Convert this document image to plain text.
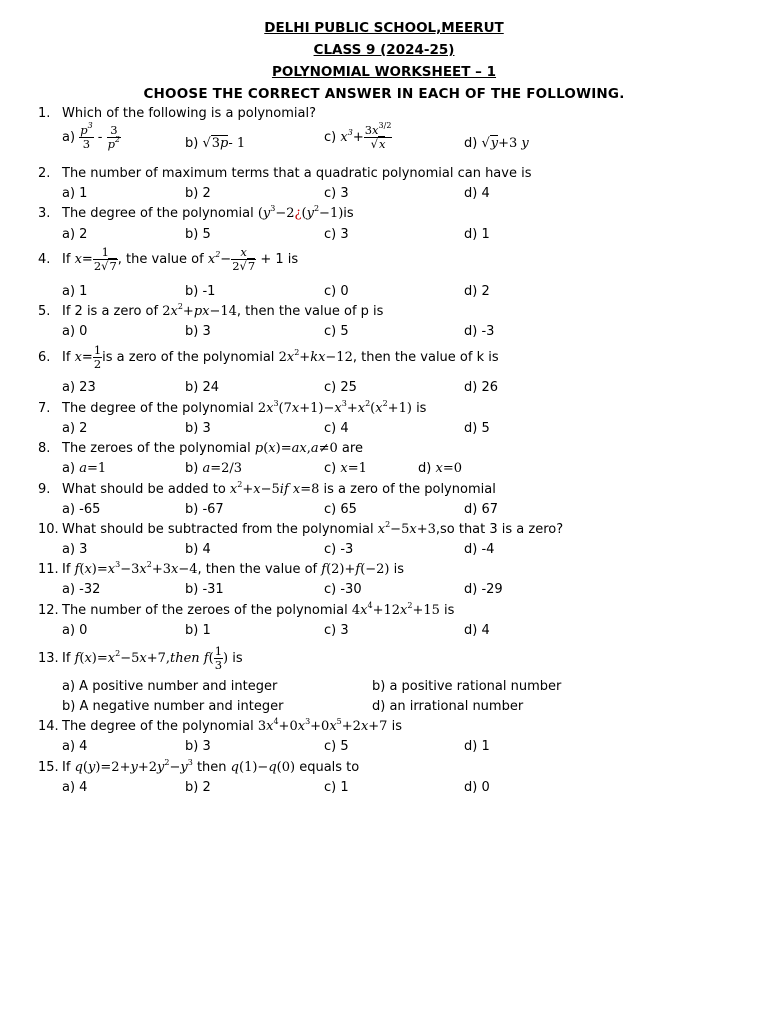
DELHI PUBLIC SCHOOL,MEERUT
CLASS 9 (2024-25)
POLYNOMIAL WORKSHEET – 1
CHOOSE THE CORRECT ANSWER IN EACH OF THE FOLLOWING.
1. Which of the following is a polynomial?
$a) \frac{p^3}{3} - \frac{3}{p^2}$	b) √3p- 1	c) $x^3+ \frac{3x^{3/2}}{√x}$	d) √y+3 y
2. The number of maximum terms that a quadratic polynomial can have is
a) 1	b) 2	c) 3	d) 4
3. The degree of the polynomial ($y^3-2¿(y^2-1)is$
a) 2	b) 5	c) 3	d) 1
4. If $x= \frac{1}{2√7}$ , the value of $x^2- \frac{x}{2√7} + 1$ is
a) 1	b) -1	c) 0	d) 2
5. If 2 is a zero of $2x^2+px-14$, then the value of p is
a) 0	b) 3	c) 5	d) -3
6. If $x= \frac{1}{2}$ is a zero of the polynomial $2x^2+kx-12$, then the value of k is
a) 23	b) 24	c) 25	d) 26
7. The degree of the polynomial $2x^3(7x+1)-x^3+x^2(x^2+1)$ is
a) 2	b) 3	c) 4	d) 5
8. The zeroes of the polynomial p(x)=ax,a≠0 are
a) a=1	b) a=2/3	c) x=1	d) x=0
9. What should be added to $x^2+x-5if$ x=8 is a zero of the polynomial
a) -65	b) -67	c) 65	d) 67
10. What should be subtracted from the polynomial $x^2-5x+3,so$ that 3 is a zero?
a) 3	b) 4	c) -3	d) -4
11. If $f(x)=x^3-3x^2+3x-4$, then the value of f(2)+f(−2) is
a) -32	b) -31	c) -30	d) -29
12. The number of the zeroes of the polynomial $4x^4+12x^2+15$ is
a) 0	b) 1	c) 3	d) 4
13. If $f(x)=x^2-5x+7,then$ $f( \frac{1}{3}$ ) is
a) A positive number and integer	b) a positive rational number
b) A negative number and integer	d) an irrational number
14. The degree of the polynomial $3x^4+0x^3+0x^5+2x+7$ is
a) 4	b) 3	c) 5	d) 1
15. If $q(y)=2+y+2y^2-y^3$ then q(1)−q(0) equals to
a) 4	b) 2	c) 1	d) 0
